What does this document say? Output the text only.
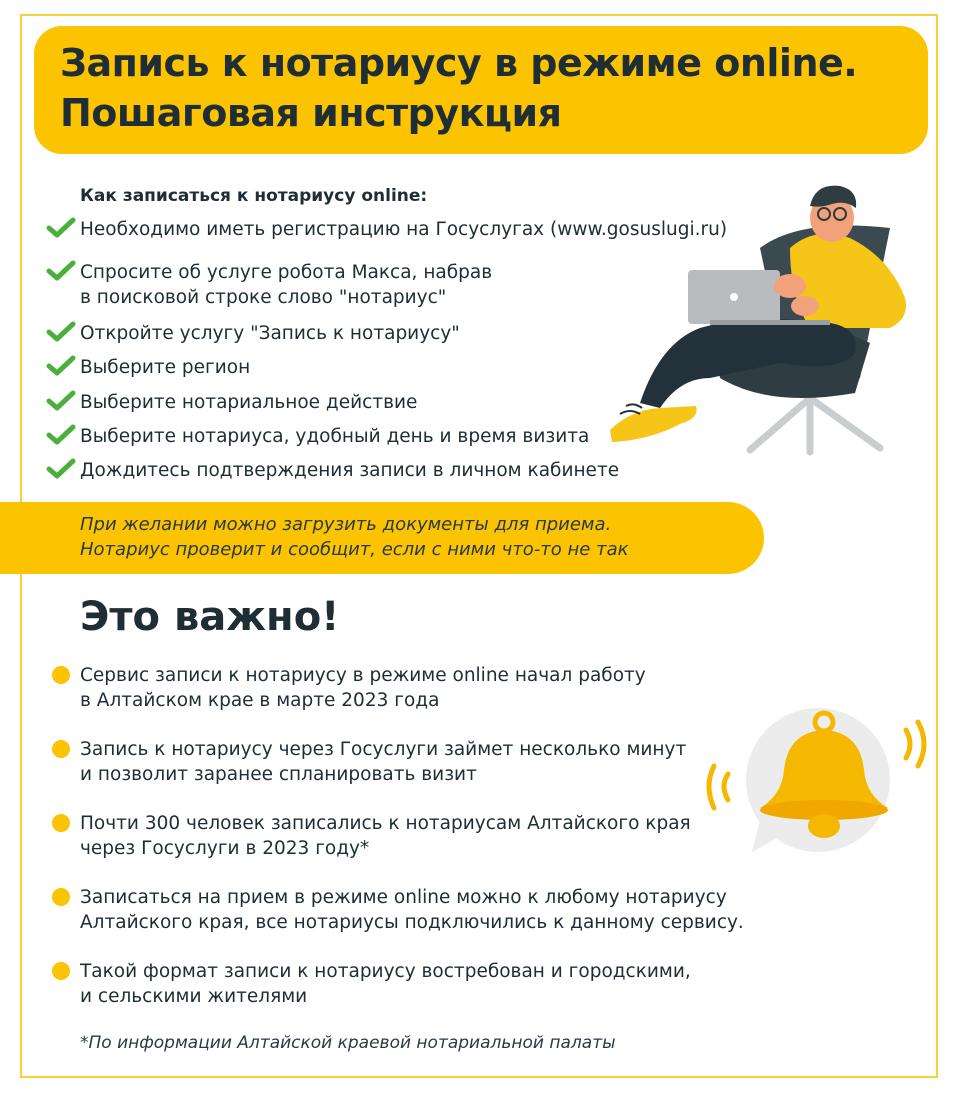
Запись к нотариусу в режиме online.
Пошаговая инструкция
Как записаться к нотариусу online:
Необходимо иметь регистрацию на Госуслугах (www.gosuslugi.ru)
Спросите об услуге робота Макса, набрав
в поисковой строке слово "нотариус"
Откройте услугу "Запись к нотариусу"
Выберите регион
Выберите нотариальное действие
Выберите нотариуса, удобный день и время визита
Дождитесь подтверждения записи в личном кабинете
При желании можно загрузить документы для приема.
Нотариус проверит и сообщит, если с ними что-то не так
Это важно!
Сервис записи к нотариусу в режиме online начал работу
в Алтайском крае в марте 2023 года
Запись к нотариусу через Госуслуги займет несколько минут
и позволит заранее спланировать визит
Почти 300 человек записались к нотариусам Алтайского края
через Госуслуги в 2023 году*
Записаться на прием в режиме online можно к любому нотариусу
Алтайского края, все нотариусы подключились к данному сервису.
Такой формат записи к нотариусу востребован и городскими,
и сельскими жителями
*По информации Алтайской краевой нотариальной палаты
